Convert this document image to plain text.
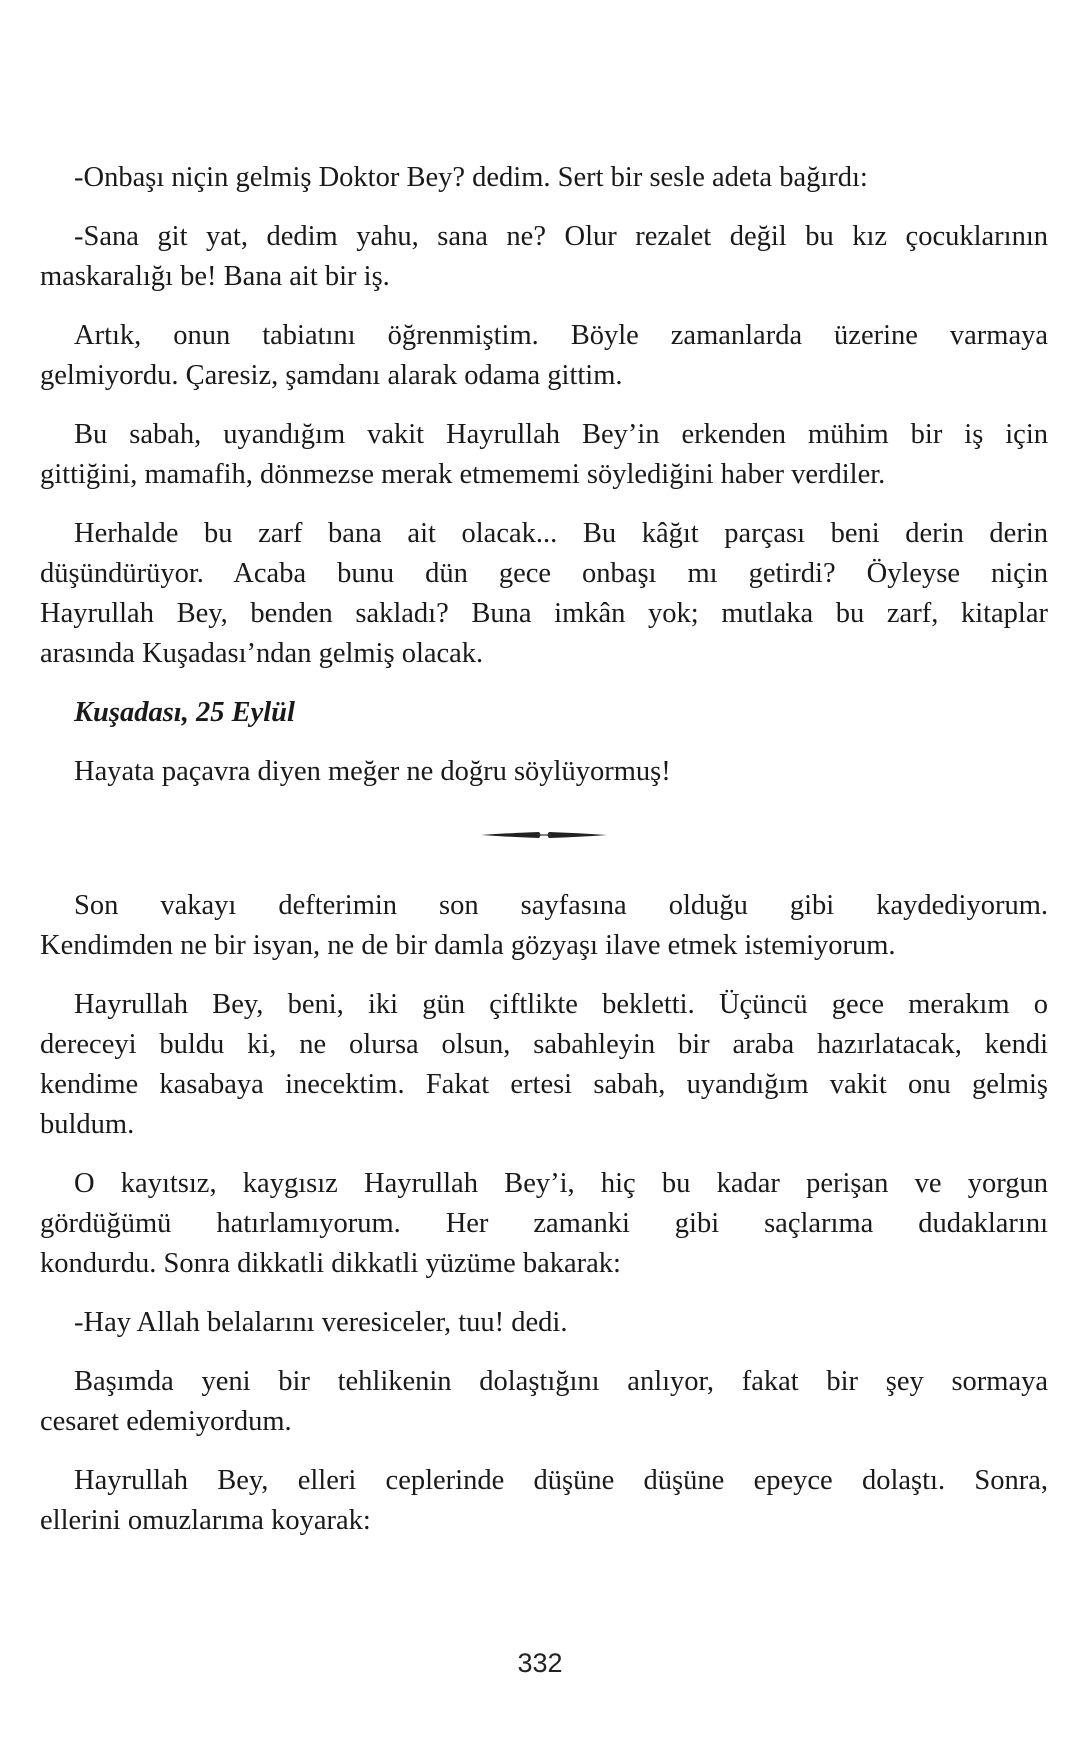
-Onbaşı niçin gelmiş Doktor Bey? dedim. Sert bir sesle adeta bağırdı:

-Sana git yat, dedim yahu, sana ne? Olur rezalet değil bu kız çocuklarının
maskaralığı be! Bana ait bir iş.

Artık, onun tabiatını öğrenmiştim. Böyle zamanlarda üzerine varmaya
gelmiyordu. Çaresiz, şamdanı alarak odama gittim.

Bu sabah, uyandığım vakit Hayrullah Bey’in erkenden mühim bir iş için
gittiğini, mamafih, dönmezse merak etmememi söylediğini haber verdiler.

Herhalde bu zarf bana ait olacak... Bu kâğıt parçası beni derin derin
düşündürüyor. Acaba bunu dün gece onbaşı mı getirdi? Öyleyse niçin
Hayrullah Bey, benden sakladı? Buna imkân yok; mutlaka bu zarf, kitaplar
arasında Kuşadası’ndan gelmiş olacak.

Kuşadası, 25 Eylül

Hayata paçavra diyen meğer ne doğru söylüyormuş!

Son vakayı defterimin son sayfasına olduğu gibi kaydediyorum.
Kendimden ne bir isyan, ne de bir damla gözyaşı ilave etmek istemiyorum.

Hayrullah Bey, beni, iki gün çiftlikte bekletti. Üçüncü gece merakım o
dereceyi buldu ki, ne olursa olsun, sabahleyin bir araba hazırlatacak, kendi
kendime kasabaya inecektim. Fakat ertesi sabah, uyandığım vakit onu gelmiş
buldum.

O kayıtsız, kaygısız Hayrullah Bey’i, hiç bu kadar perişan ve yorgun
gördüğümü hatırlamıyorum. Her zamanki gibi saçlarıma dudaklarını
kondurdu. Sonra dikkatli dikkatli yüzüme bakarak:

-Hay Allah belalarını veresiceler, tuu! dedi.

Başımda yeni bir tehlikenin dolaştığını anlıyor, fakat bir şey sormaya
cesaret edemiyordum.

Hayrullah Bey, elleri ceplerinde düşüne düşüne epeyce dolaştı. Sonra,
ellerini omuzlarıma koyarak:

332
